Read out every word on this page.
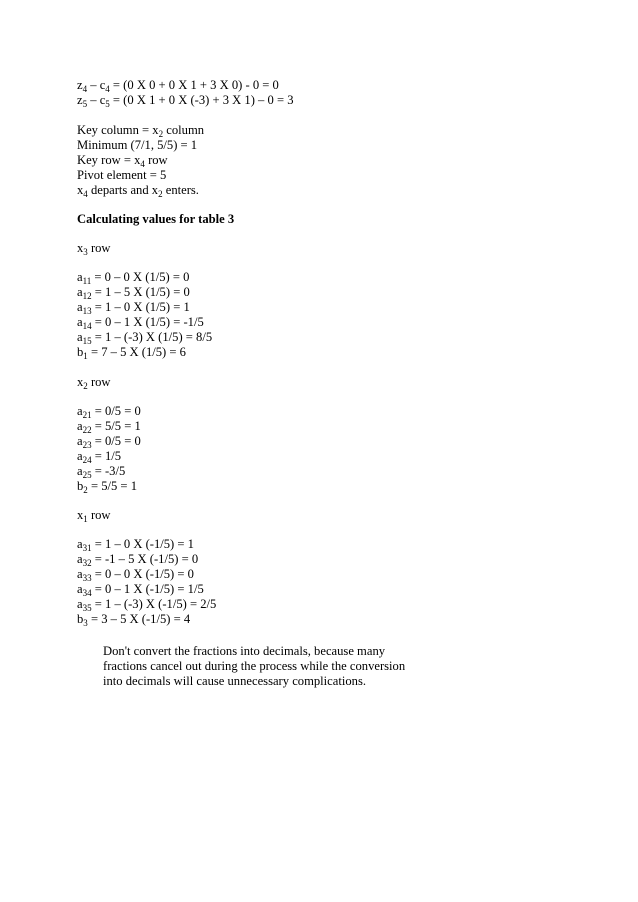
$z_4 - c_4 = (0$ X 0 + 0 X 1 + 3 X 0) - 0 = 0

$z_5 - c_5 = (0$ X 1 + 0 X (-3) + 3 X 1) – 0 = 3

Key column = $x_2$ column

Minimum (7/1, 5/5) = 1

Key row = $x_4$ row

Pivot element = 5

$x_4$ departs and $x_2$ enters.

Calculating values for table 3

$x_3$ row

$a_{11} = 0 - 0$ X (1/5) = 0

$a_{12} = 1 - 5$ X (1/5) = 0

$a_{13} = 1 - 0$ X (1/5) = 1

$a_{14} = 0 - 1$ X (1/5) = -1/5

$a_{15} = 1 - (-3)$ X (1/5) = 8/5

$b_1 = 7 - 5$ X (1/5) = 6

$x_2$ row

$a_{21} = 0/5 = 0$

$a_{22} = 5/5 = 1$

$a_{23} = 0/5 = 0$

$a_{24} = 1/5$

$a_{25} = -3/5$

$b_2 = 5/5 = 1$

$x_1$ row

$a_{31} = 1 - 0$ X (-1/5) = 1

$a_{32} = -1 - 5$ X (-1/5) = 0

$a_{33} = 0 - 0$ X (-1/5) = 0

$a_{34} = 0 - 1$ X (-1/5) = 1/5

$a_{35} = 1 - (-3)$ X (-1/5) = 2/5

$b_3 = 3 - 5$ X (-1/5) = 4

Don't convert the fractions into decimals, because many

fractions cancel out during the process while the conversion

into decimals will cause unnecessary complications.
